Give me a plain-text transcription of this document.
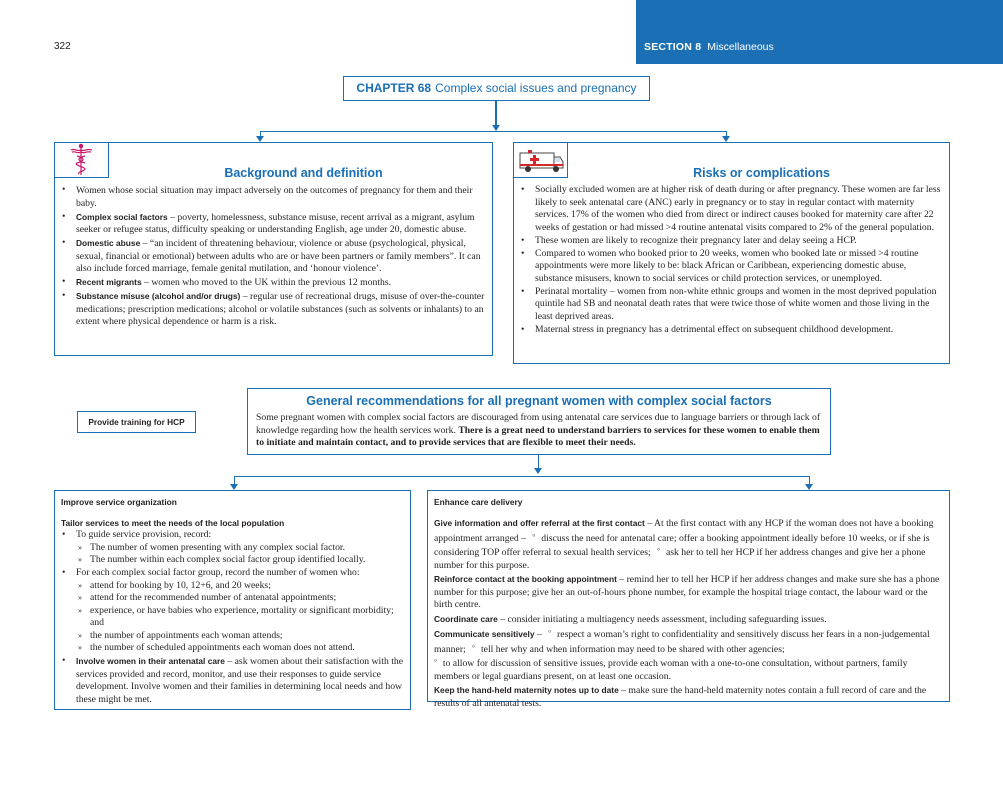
322	SECTION 8 Miscellaneous
CHAPTER 68 Complex social issues and pregnancy
Background and definition
• Women whose social situation may impact adversely on the outcomes of pregnancy for them and their baby.
• Complex social factors – poverty, homelessness, substance misuse, recent arrival as a migrant, asylum seeker or refugee status, difficulty speaking or understanding English, age under 20, domestic abuse.
• Domestic abuse – “an incident of threatening behaviour, violence or abuse (psychological, physical, sexual, financial or emotional) between adults who are or have been partners or family members”. It can also include forced marriage, female genital mutilation, and ‘honour violence’.
• Recent migrants – women who moved to the UK within the previous 12 months.
• Substance misuse (alcohol and/or drugs) – regular use of recreational drugs, misuse of over-the-counter medications; prescription medications; alcohol or volatile substances (such as solvents or inhalants) to an extent where physical dependence or harm is a risk.
Risks or complications
• Socially excluded women are at higher risk of death during or after pregnancy. These women are far less likely to seek antenatal care (ANC) early in pregnancy or to stay in regular contact with maternity services. 17% of the women who died from direct or indirect causes booked for maternity care after 22 weeks of gestation or had missed >4 routine antenatal visits compared to 2% of the general population.
• These women are likely to recognize their pregnancy later and delay seeing a HCP.
• Compared to women who booked prior to 20 weeks, women who booked late or missed >4 routine appointments were more likely to be: black African or Caribbean, experiencing domestic abuse, substance misusers, known to social services or child protection services, or unemployed.
• Perinatal mortality – women from non-white ethnic groups and women in the most deprived population quintile had SB and neonatal death rates that were twice those of white women and those living in the least deprived areas.
• Maternal stress in pregnancy has a detrimental effect on subsequent childhood development.
Provide training for HCP
General recommendations for all pregnant women with complex social factors
Some pregnant women with complex social factors are discouraged from using antenatal care services due to language barriers or through lack of knowledge regarding how the health services work. There is a great need to understand barriers to services for these women to enable them to initiate and maintain contact, and to provide services that are flexible to meet their needs.
Improve service organization
Tailor services to meet the needs of the local population
• To guide service provision, record:
» The number of women presenting with any complex social factor.
» The number within each complex social factor group identified locally.
• For each complex social factor group, record the number of women who:
» attend for booking by 10, 12+6, and 20 weeks;
» attend for the recommended number of antenatal appointments;
» experience, or have babies who experience, mortality or significant morbidity; and
» the number of appointments each woman attends;
» the number of scheduled appointments each woman does not attend.
• Involve women in their antenatal care – ask women about their satisfaction with the services provided and record, monitor, and use their responses to guide service development. Involve women and their families in determining local needs and how these might be met.
Enhance care delivery
Give information and offer referral at the first contact – At the first contact with any HCP if the woman does not have a booking appointment arranged – ° discuss the need for antenatal care; offer a booking appointment ideally before 10 weeks, or if she is considering TOP offer referral to sexual health services; ° ask her to tell her HCP if her address changes and give her a phone number for this purpose.
Reinforce contact at the booking appointment – remind her to tell her HCP if her address changes and make sure she has a phone number for this purpose; give her an out-of-hours phone number, for example the hospital triage contact, the labour ward or the birth centre.
Coordinate care – consider initiating a multiagency needs assessment, including safeguarding issues.
Communicate sensitively – ° respect a woman’s right to confidentiality and sensitively discuss her fears in a non-judgemental manner; ° tell her why and when information may need to be shared with other agencies;
° to allow for discussion of sensitive issues, provide each woman with a one-to-one consultation, without partners, family members or legal guardians present, on at least one occasion.
Keep the hand-held maternity notes up to date – make sure the hand-held maternity notes contain a full record of care and the results of all antenatal tests.
